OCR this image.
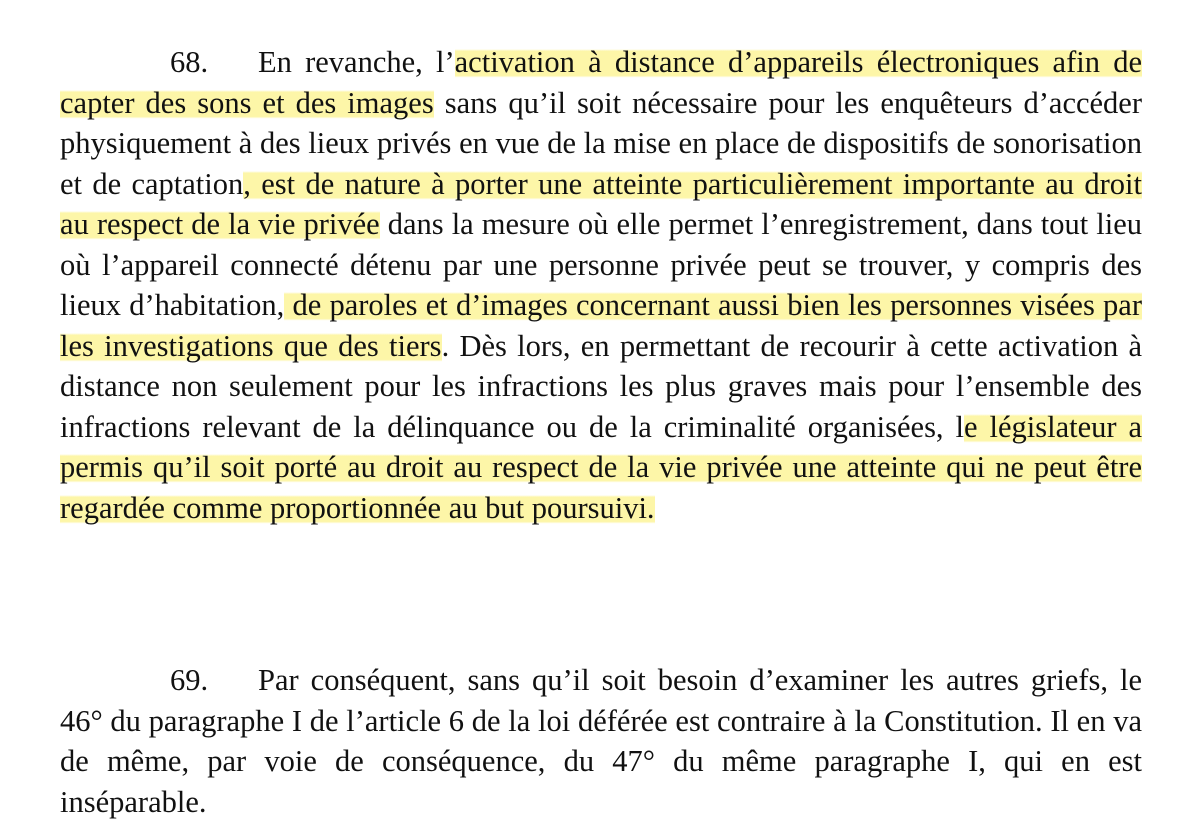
68. En revanche, l’activation à distance d’appareils électroniques afin de capter des sons et des images sans qu’il soit nécessaire pour les enquêteurs d’accéder physiquement à des lieux privés en vue de la mise en place de dispositifs de sonorisation et de captation, est de nature à porter une atteinte particulièrement importante au droit au respect de la vie privée dans la mesure où elle permet l’enregistrement, dans tout lieu où l’appareil connecté détenu par une personne privée peut se trouver, y compris des lieux d’habitation, de paroles et d’images concernant aussi bien les personnes visées par les investigations que des tiers. Dès lors, en permettant de recourir à cette activation à distance non seulement pour les infractions les plus graves mais pour l’ensemble des infractions relevant de la délinquance ou de la criminalité organisées, le législateur a permis qu’il soit porté au droit au respect de la vie privée une atteinte qui ne peut être regardée comme proportionnée au but poursuivi.

69. Par conséquent, sans qu’il soit besoin d’examiner les autres griefs, le 46° du paragraphe I de l’article 6 de la loi déférée est contraire à la Constitution. Il en va de même, par voie de conséquence, du 47° du même paragraphe I, qui en est inséparable.
